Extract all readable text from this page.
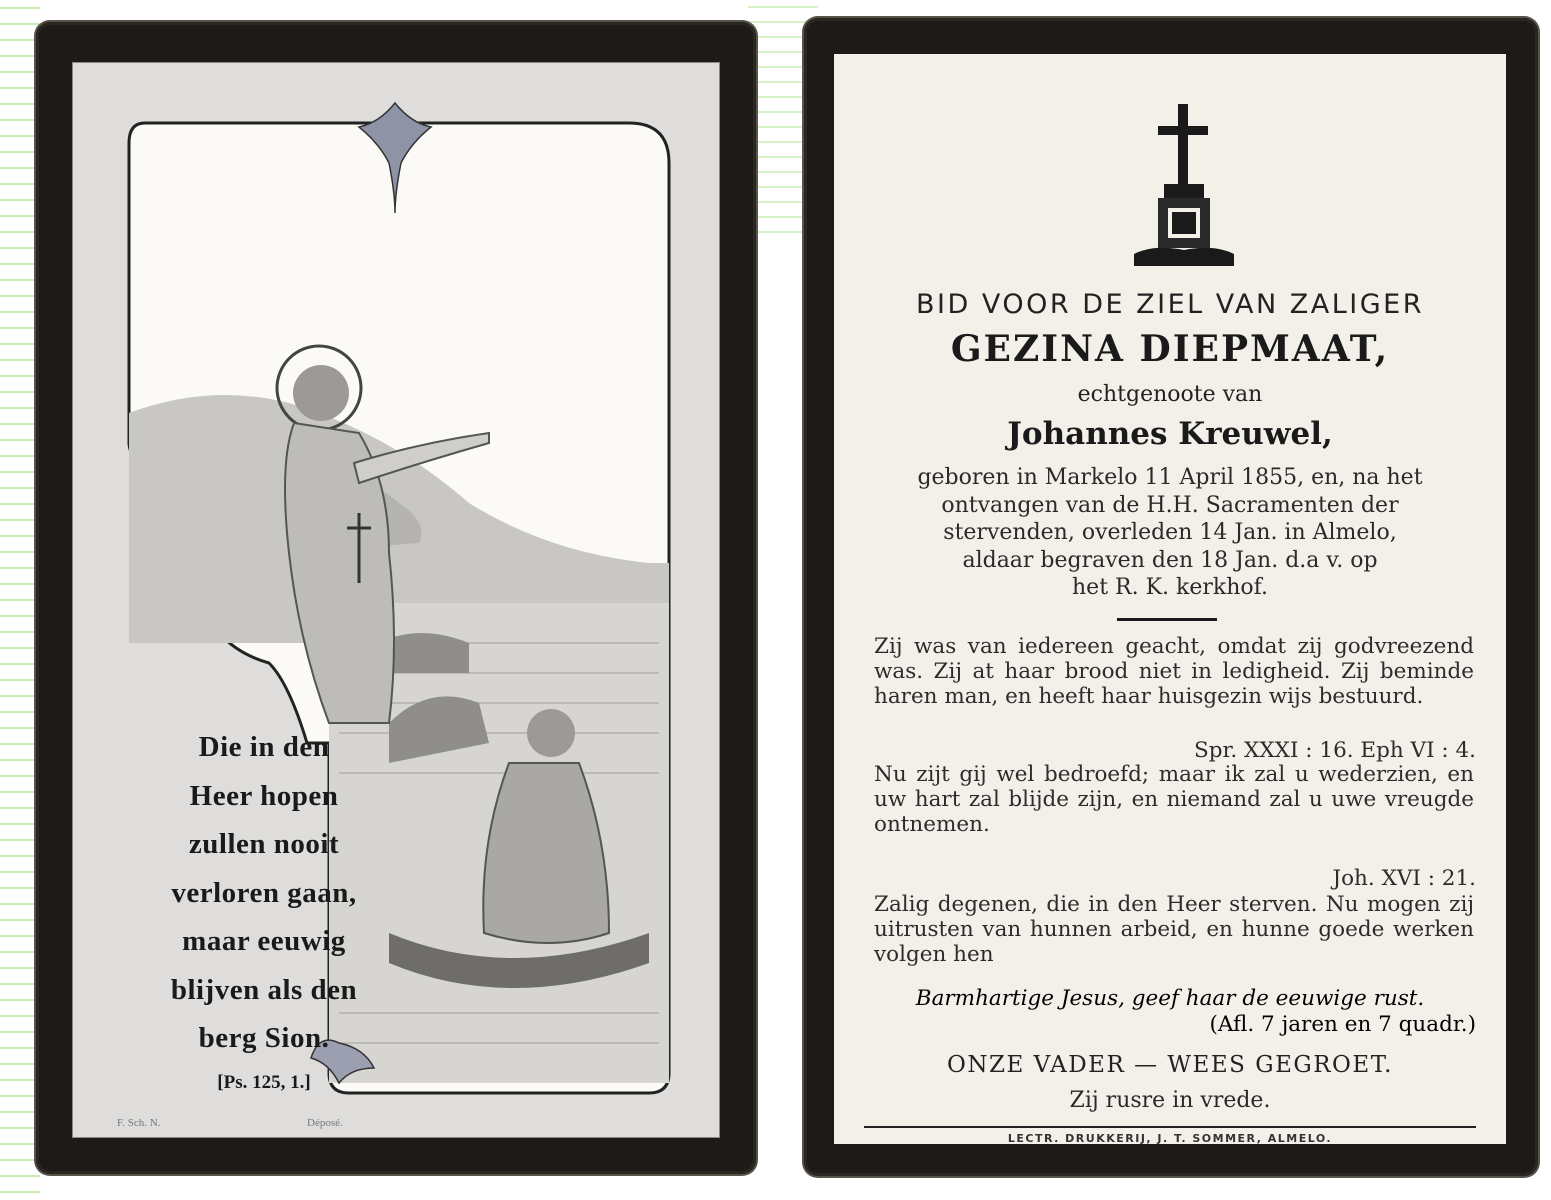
Die in den
Heer hopen
zullen nooit
verloren gaan,
maar eeuwig
blijven als den
berg Sion.
[Ps. 125, 1.]
F. Sch. N.	Déposé.
BID VOOR DE ZIEL VAN ZALIGER
GEZINA DIEPMAAT,
echtgenoote van
Johannes Kreuwel,
geboren in Markelo 11 April 1855, en, na het
ontvangen van de H.H. Sacramenten der
stervenden, overleden 14 Jan. in Almelo,
aldaar begraven den 18 Jan. d.a v. op
het R. K. kerkhof.
Zij was van iedereen geacht, omdat zij godvreezend was. Zij at haar brood niet in ledigheid. Zij beminde haren man, en heeft haar huisgezin wijs bestuurd.
Spr. XXXI : 16. Eph VI : 4.
Nu zijt gij wel bedroefd; maar ik zal u wederzien, en uw hart zal blijde zijn, en niemand zal u uwe vreugde ontnemen.
Joh. XVI : 21.
Zalig degenen, die in den Heer sterven. Nu mogen zij uitrusten van hunnen arbeid, en hunne goede werken volgen hen
Barmhartige Jesus, geef haar de eeuwige rust.
(Afl. 7 jaren en 7 quadr.)
ONZE VADER — WEES GEGROET.
Zij rusre in vrede.
LECTR. DRUKKERIJ, J. T. SOMMER, ALMELO.
